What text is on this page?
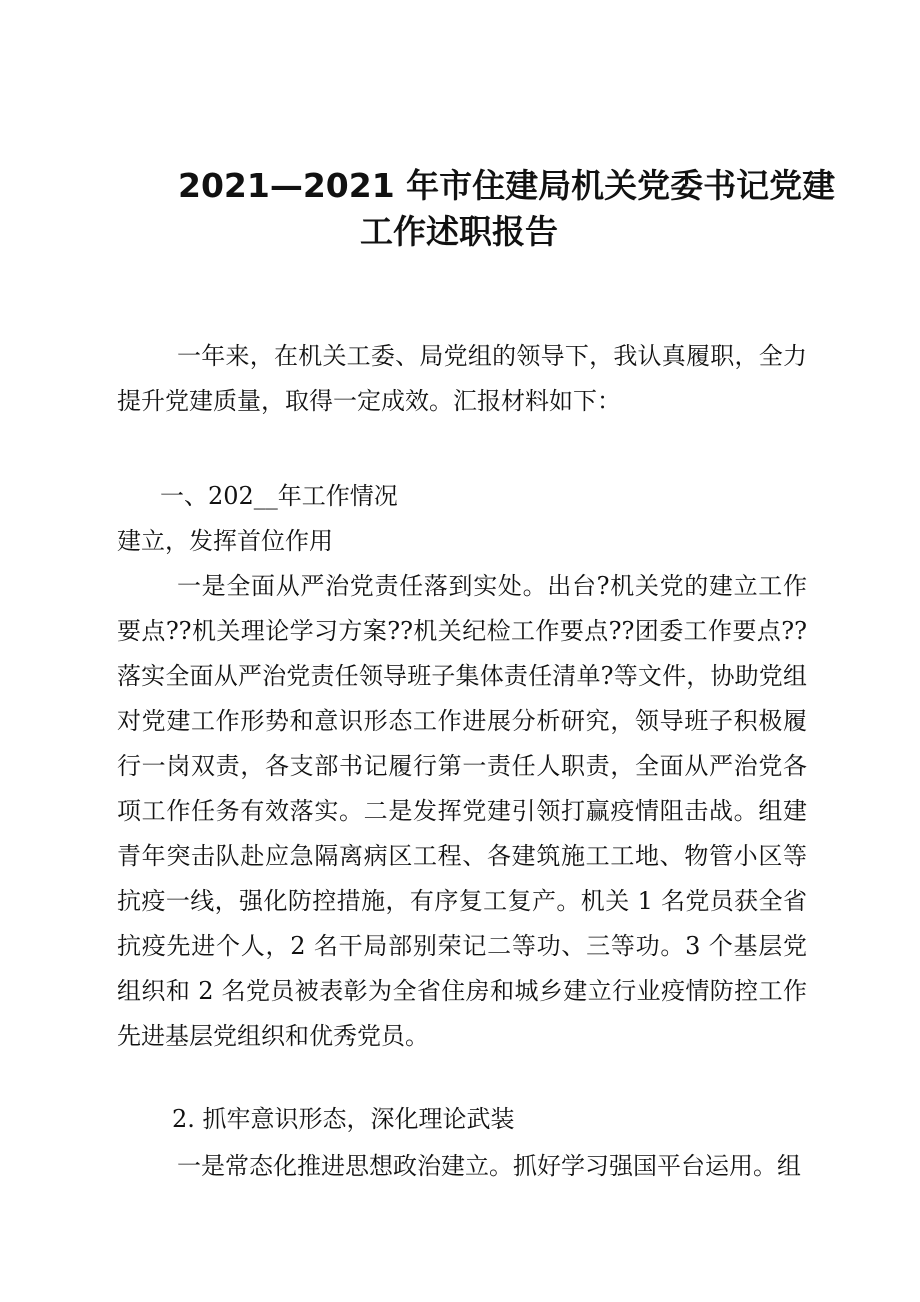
2021—2021 年市住建局机关党委书记党建
工作述职报告
一年来，在机关工委、局党组的领导下，我认真履职，全力提升党建质量，取得一定成效。汇报材料如下：
一、202__年工作情况
建立，发挥首位作用
一是全面从严治党责任落到实处。出台?机关党的建立工作要点??机关理论学习方案??机关纪检工作要点??团委工作要点??落实全面从严治党责任领导班子集体责任清单?等文件，协助党组对党建工作形势和意识形态工作进展分析研究，领导班子积极履行一岗双责，各支部书记履行第一责任人职责，全面从严治党各项工作任务有效落实。二是发挥党建引领打赢疫情阻击战。组建青年突击队赴应急隔离病区工程、各建筑施工工地、物管小区等抗疫一线，强化防控措施，有序复工复产。机关 1 名党员获全省抗疫先进个人，2 名干局部别荣记二等功、三等功。3 个基层党组织和 2 名党员被表彰为全省住房和城乡建立行业疫情防控工作先进基层党组织和优秀党员。
2. 抓牢意识形态，深化理论武装
一是常态化推进思想政治建立。抓好学习强国平台运用。组
